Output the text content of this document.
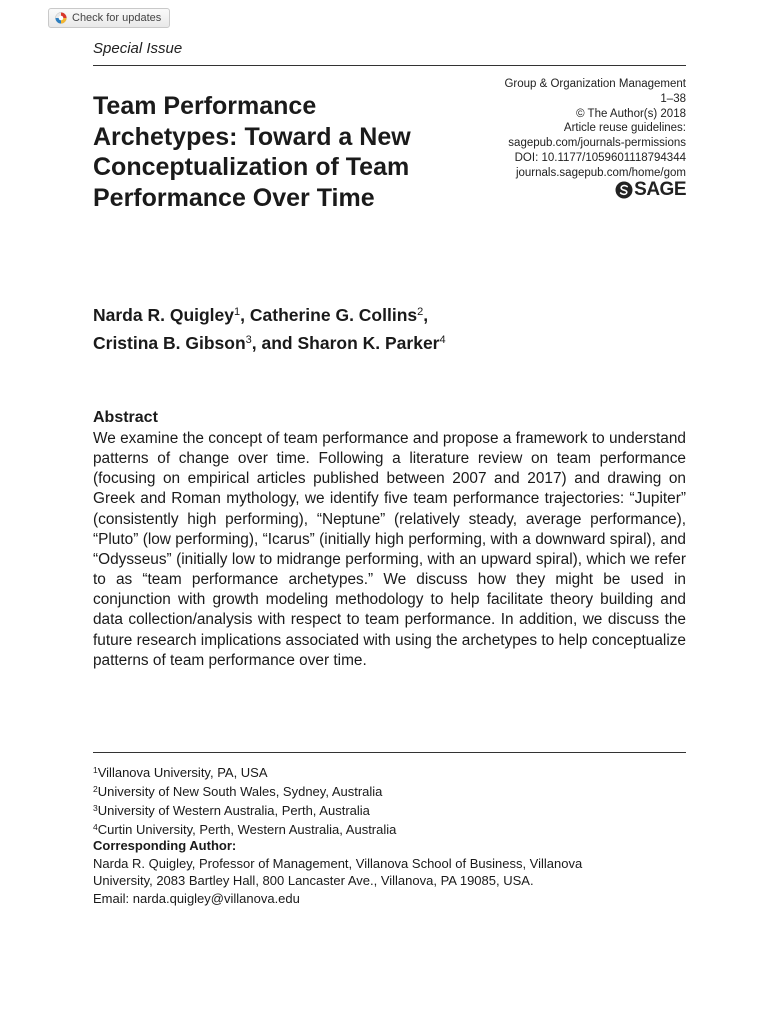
Check for updates
Special Issue
Group & Organization Management
1–38
© The Author(s) 2018
Article reuse guidelines:
sagepub.com/journals-permissions
DOI: 10.1177/1059601118794344
journals.sagepub.com/home/gom
SAGE
Team Performance Archetypes: Toward a New Conceptualization of Team Performance Over Time
Narda R. Quigley$^1$, Catherine G. Collins$^2$,
Cristina B. Gibson$^3$, and Sharon K. Parker$^4$
Abstract

We examine the concept of team performance and propose a framework to understand patterns of change over time. Following a literature review on team performance (focusing on empirical articles published between 2007 and 2017) and drawing on Greek and Roman mythology, we identify five team performance trajectories: “Jupiter” (consistently high performing), “Neptune” (relatively steady, average performance), “Pluto” (low performing), “Icarus” (initially high performing, with a downward spiral), and “Odysseus” (initially low to midrange performing, with an upward spiral), which we refer to as “team performance archetypes.” We discuss how they might be used in conjunction with growth modeling methodology to help facilitate theory building and data collection/analysis with respect to team performance. In addition, we discuss the future research implications associated with using the archetypes to help conceptualize patterns of team performance over time.

$^1$Villanova University, PA, USA
$^2$University of New South Wales, Sydney, Australia
$^3$University of Western Australia, Perth, Australia
$^4$Curtin University, Perth, Western Australia, Australia
Corresponding Author:
Narda R. Quigley, Professor of Management, Villanova School of Business, Villanova
University, 2083 Bartley Hall, 800 Lancaster Ave., Villanova, PA 19085, USA.
Email: narda.quigley@villanova.edu
